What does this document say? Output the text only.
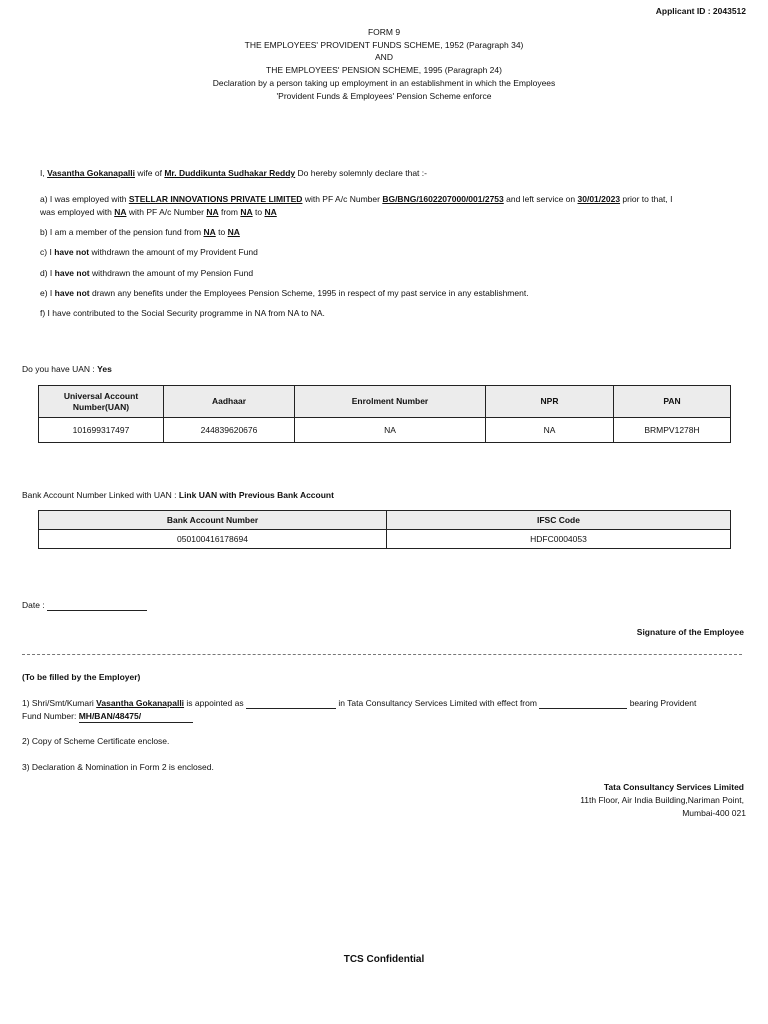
Applicant ID : 2043512
FORM 9
THE EMPLOYEES' PROVIDENT FUNDS SCHEME, 1952 (Paragraph 34)
AND
THE EMPLOYEES' PENSION SCHEME, 1995 (Paragraph 24)
Declaration by a person taking up employment in an establishment in which the Employees
'Provident Funds & Employees' Pension Scheme enforce
I, Vasantha Gokanapalli wife of Mr. Duddikunta Sudhakar Reddy Do hereby solemnly declare that :-
a) I was employed with STELLAR INNOVATIONS PRIVATE LIMITED with PF A/c Number BG/BNG/1602207000/001/2753 and left service on 30/01/2023 prior to that, I
was employed with NA with PF A/c Number NA from NA to NA
b) I am a member of the pension fund from NA to NA
c) I have not withdrawn the amount of my Provident Fund
d) I have not withdrawn the amount of my Pension Fund
e) I have not drawn any benefits under the Employees Pension Scheme, 1995 in respect of my past service in any establishment.
f) I have contributed to the Social Security programme in NA from NA to NA.
Do you have UAN : Yes
Universal Account Number(UAN)	Aadhaar	Enrolment Number	NPR	PAN
101699317497	244839620676	NA	NA	BRMPV1278H
Bank Account Number Linked with UAN : Link UAN with Previous Bank Account
Bank Account Number	IFSC Code
050100416178694	HDFC0004053
Date :
Signature of the Employee
(To be filled by the Employer)
1) Shri/Smt/Kumari Vasantha Gokanapalli is appointed as	in Tata Consultancy Services Limited with effect from	bearing Provident
Fund Number: MH/BAN/48475/
2) Copy of Scheme Certificate enclose.
3) Declaration & Nomination in Form 2 is enclosed.
Tata Consultancy Services Limited
11th Floor, Air India Building,Nariman Point,
Mumbai-400 021
TCS Confidential
